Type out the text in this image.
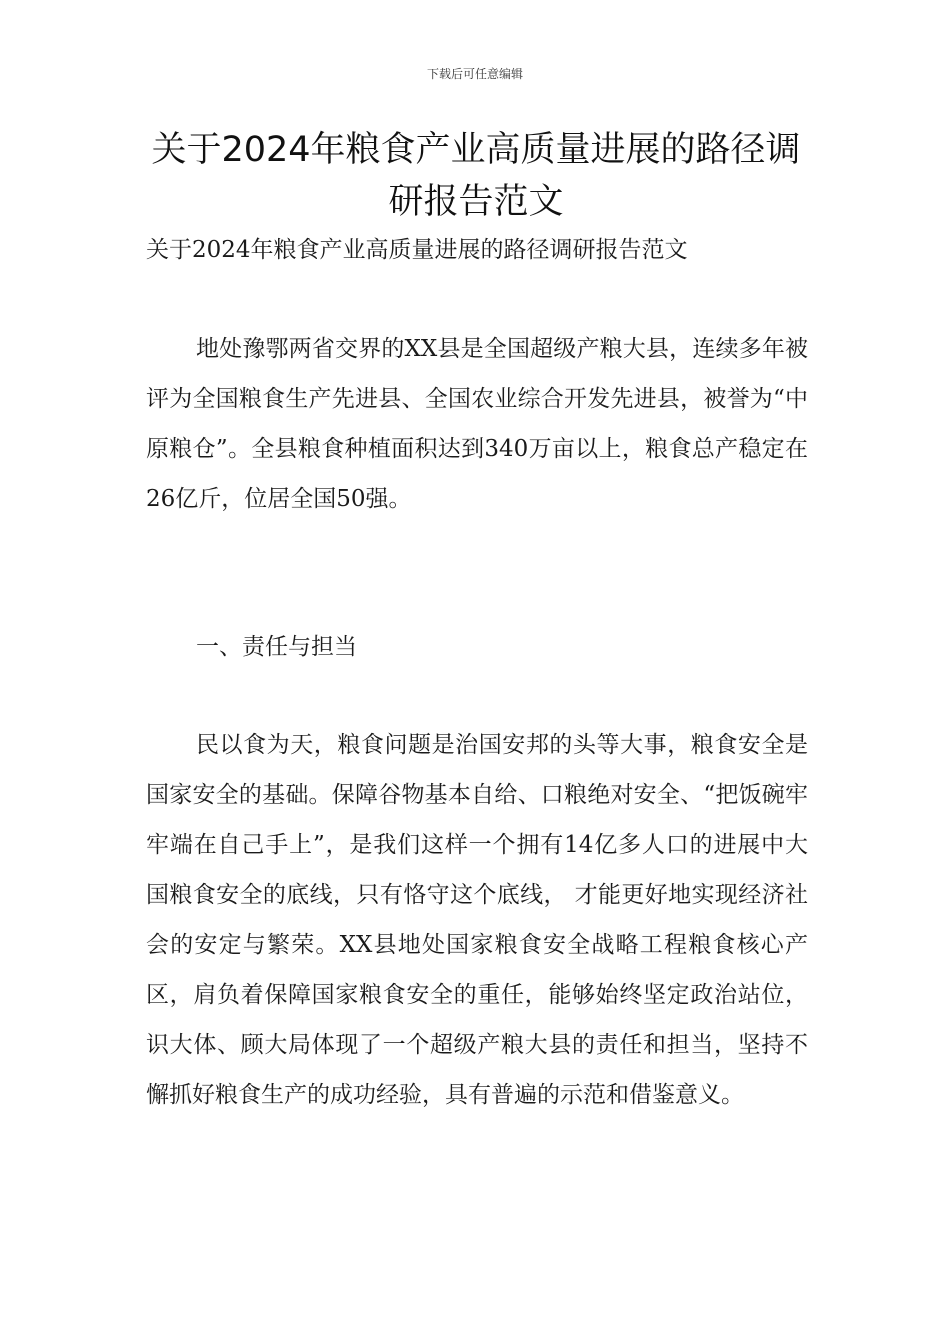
下载后可任意编辑
关于2024年粮食产业高质量进展的路径调研报告范文
关于2024年粮食产业高质量进展的路径调研报告范文

地处豫鄂两省交界的XX县是全国超级产粮大县，连续多年被评为全国粮食生产先进县、全国农业综合开发先进县，被誉为“中原粮仓”。全县粮食种植面积达到340万亩以上，粮食总产稳定在26亿斤，位居全国50强。

一、责任与担当

民以食为天，粮食问题是治国安邦的头等大事，粮食安全是国家安全的基础。保障谷物基本自给、口粮绝对安全、“把饭碗牢牢端在自己手上”，是我们这样一个拥有14亿多人口的进展中大国粮食安全的底线，只有恪守这个底线， 才能更好地实现经济社会的安定与繁荣。XX县地处国家粮食安全战略工程粮食核心产区，肩负着保障国家粮食安全的重任，能够始终坚定政治站位，识大体、顾大局体现了一个超级产粮大县的责任和担当，坚持不懈抓好粮食生产的成功经验，具有普遍的示范和借鉴意义。
